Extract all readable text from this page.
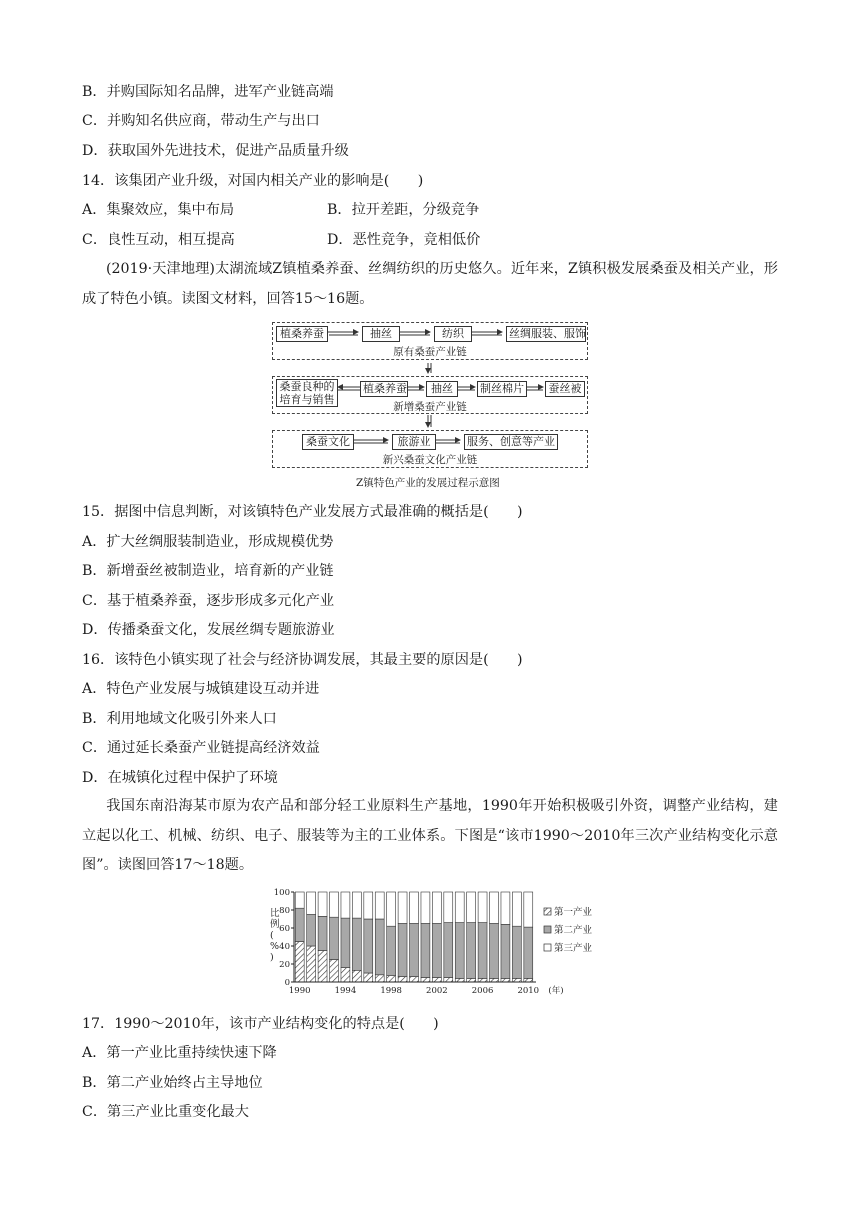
B．并购国际知名品牌，进军产业链高端
C．并购知名供应商，带动生产与出口
D．获取国外先进技术，促进产品质量升级
14．该集团产业升级，对国内相关产业的影响是(　　)
A．集聚效应，集中布局	B．拉开差距，分级竞争
C．良性互动，相互提高	D．恶性竞争，竞相低价
(2019·天津地理)太湖流域Z镇植桑养蚕、丝绸纺织的历史悠久。近年来，Z镇积极发展桑蚕及相关产业，形成了特色小镇。读图文材料，回答15～16题。
植桑养蚕	抽丝	纺织	丝绸服装、服饰
原有桑蚕产业链
桑蚕良种的
培育与销售
植桑养蚕	抽丝	制丝棉片	蚕丝被
新增桑蚕产业链
桑蚕文化	旅游业	服务、创意等产业
新兴桑蚕文化产业链
Z镇特色产业的发展过程示意图
15．据图中信息判断，对该镇特色产业发展方式最准确的概括是(　　)
A．扩大丝绸服装制造业，形成规模优势
B．新增蚕丝被制造业，培育新的产业链
C．基于植桑养蚕，逐步形成多元化产业
D．传播桑蚕文化，发展丝绸专题旅游业
16．该特色小镇实现了社会与经济协调发展，其最主要的原因是(　　)
A．特色产业发展与城镇建设互动并进
B．利用地域文化吸引外来人口
C．通过延长桑蚕产业链提高经济效益
D．在城镇化过程中保护了环境
我国东南沿海某市原为农产品和部分轻工业原料生产基地，1990年开始积极吸引外资，调整产业结构，建立起以化工、机械、纺织、电子、服装等为主的工业体系。下图是“该市1990～2010年三次产业结构变化示意图”。读图回答17～18题。
0
20
40
60
80
100
1990	1994	1998	2002	2006	2010 (年)
比例( % )
第一产业
第二产业
第三产业
17．1990～2010年，该市产业结构变化的特点是(　　)
A．第一产业比重持续快速下降
B．第二产业始终占主导地位
C．第三产业比重变化最大
